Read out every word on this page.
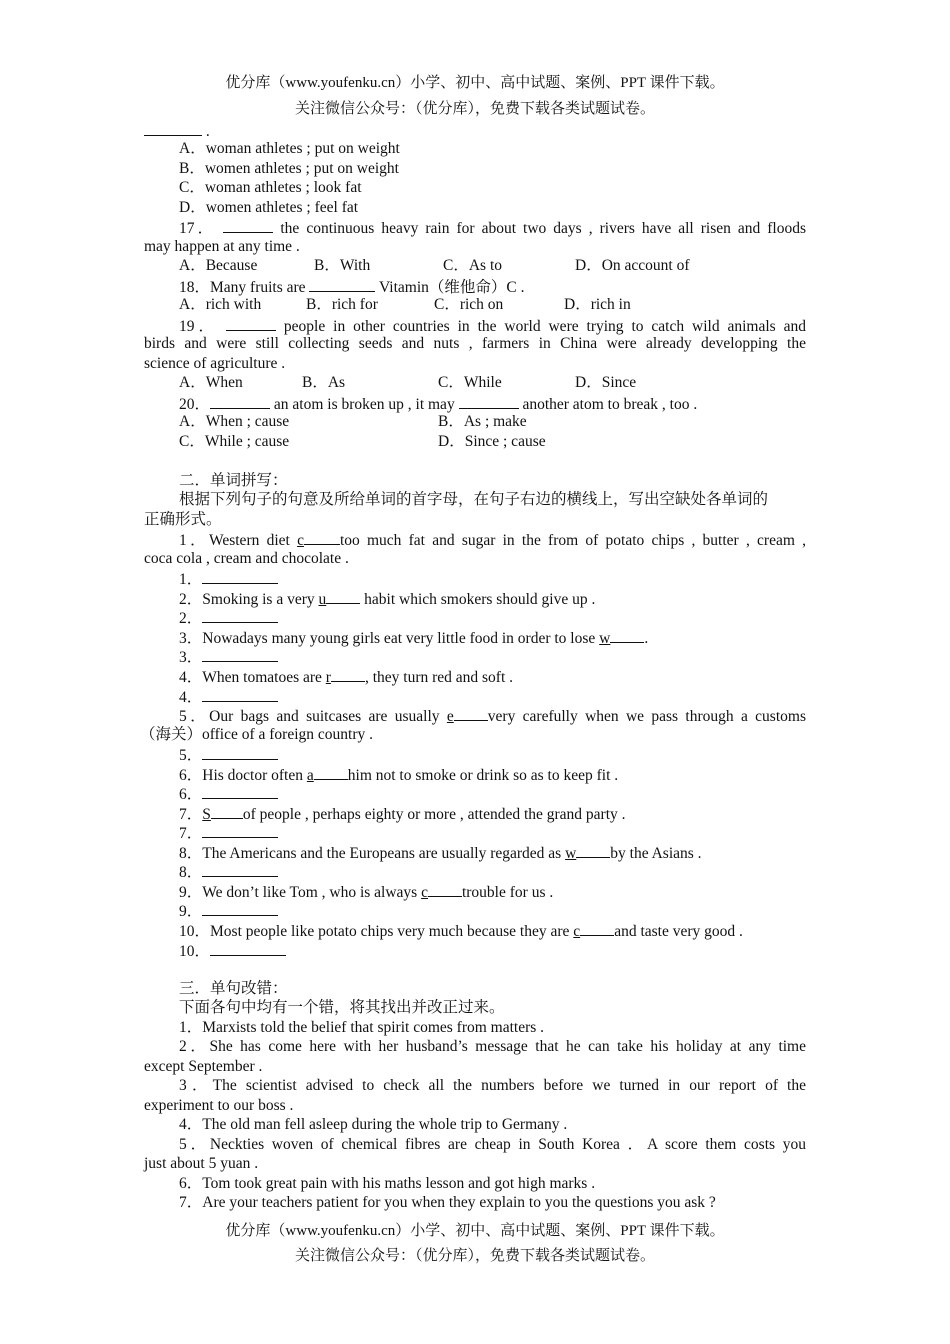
优分库（www.youfenku.cn）小学、初中、高中试题、案例、PPT 课件下载。
关注微信公众号：（优分库），免费下载各类试题试卷。
.
A．woman athletes ; put on weight
B．women athletes ; put on weight
C．woman athletes ; look fat
D．women athletes ; feel fat
17．	the continuous heavy rain for about two days , rivers have all risen and floods
may happen at any time .
A．Because	B．With	C．As to	D．On account of
18．Many fruits are	Vitamin（维他命）C .
A．rich with	B．rich for	C．rich on	D．rich in
19．	people in other countries in the world were trying to catch wild animals and
birds and were still collecting seeds and nuts , farmers in China were already developping the
science of agriculture .
A．When	B．As	C．While	D．Since
20．	an atom is broken up , it may	another atom to break , too .
A．When ; cause	B．As ; make
C．While ; cause	D．Since ; cause
二．单词拼写：
根据下列句子的句意及所给单词的首字母，在句子右边的横线上，写出空缺处各单词的
正确形式。
1．Western diet c too much fat and sugar in the from of potato chips , butter , cream ,
coca cola , cream and chocolate .
1．
2．Smoking is a very u habit which smokers should give up .
2．
3．Nowadays many young girls eat very little food in order to lose w .
3．
4．When tomatoes are r , they turn red and soft .
4．
5．Our bags and suitcases are usually e very carefully when we pass through a customs
（海关）office of a foreign country .
5．
6．His doctor often a him not to smoke or drink so as to keep fit .
6．
7．S of people , perhaps eighty or more , attended the grand party .
7．
8．The Americans and the Europeans are usually regarded as w by the Asians .
8．
9．We don’t like Tom , who is always c trouble for us .
9．
10．Most people like potato chips very much because they are c and taste very good .
10．
三．单句改错：
下面各句中均有一个错，将其找出并改正过来。
1．Marxists told the belief that spirit comes from matters .
2．She has come here with her husband’s message that he can take his holiday at any time
except September .
3．The scientist advised to check all the numbers before we turned in our report of the
experiment to our boss .
4．The old man fell asleep during the whole trip to Germany .
5．Neckties woven of chemical fibres are cheap in South Korea ．A score them costs you
just about 5 yuan .
6．Tom took great pain with his maths lesson and got high marks .
7．Are your teachers patient for you when they explain to you the questions you ask ?
优分库（www.youfenku.cn）小学、初中、高中试题、案例、PPT 课件下载。
关注微信公众号：（优分库），免费下载各类试题试卷。
